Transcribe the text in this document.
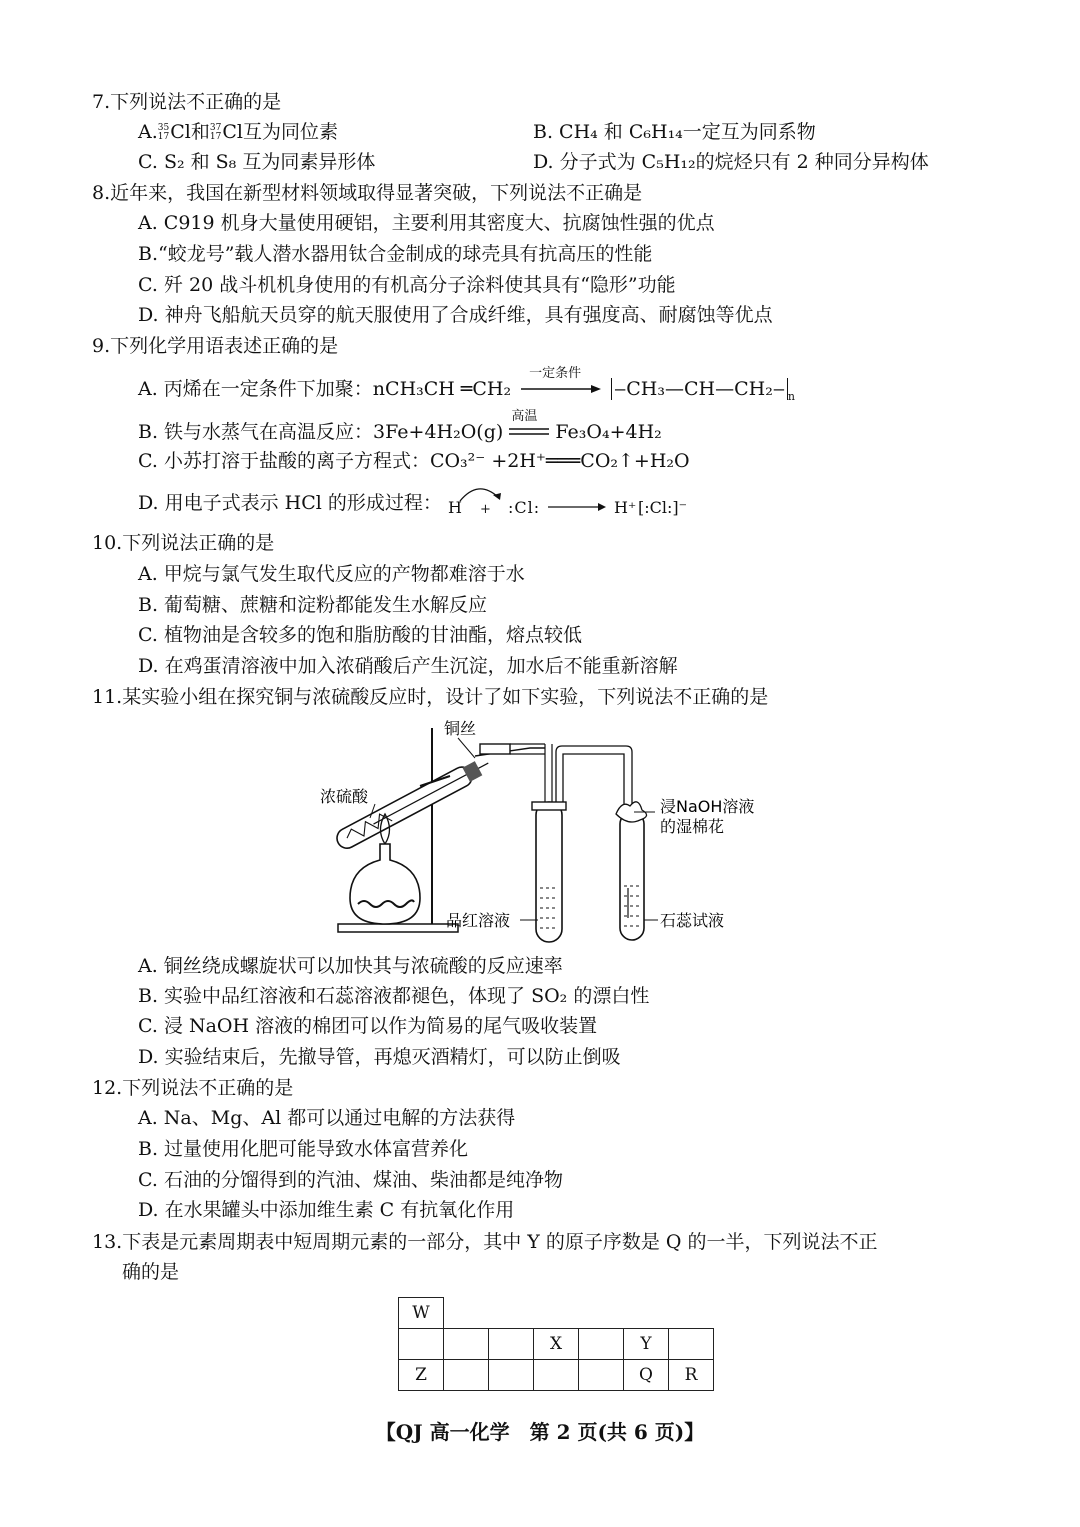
7.下列说法不正确的是
A. 35
17 Cl和 37
17 Cl互为同位素	B. CH₄ 和 C₆H₁₄一定互为同系物
C. S₂ 和 S₈ 互为同素异形体	D. 分子式为 C₅H₁₂的烷烃只有 2 种同分异构体
8.近年来，我国在新型材料领域取得显著突破，下列说法不正确是
A. C919 机身大量使用硬铝，主要利用其密度大、抗腐蚀性强的优点
B.“蛟龙号”载人潜水器用钛合金制成的球壳具有抗高压的性能
C. 歼 20 战斗机机身使用的有机高分子涂料使其具有“隐形”功能
D. 神舟飞船航天员穿的航天服使用了合成纤维，具有强度高、耐腐蚀等优点
9.下列化学用语表述正确的是
A. 丙烯在一定条件下加聚：nCH₃CH ═CH₂
一定条件
‒CH₃—CH—CH₂‒ $_n$
B. 铁与水蒸气在高温反应：3Fe+4H₂O(g)
高温
Fe₃O₄+4H₂
C. 小苏打溶于盐酸的离子方程式：CO₃²⁻ +2H⁺═══CO₂↑+H₂O
D. 用电子式表示 HCl 的形成过程： H + :Cl:	H⁺ [:Cl:]⁻
10.下列说法正确的是
A. 甲烷与氯气发生取代反应的产物都难溶于水
B. 葡萄糖、蔗糖和淀粉都能发生水解反应
C. 植物油是含较多的饱和脂肪酸的甘油酯，熔点较低
D. 在鸡蛋清溶液中加入浓硝酸后产生沉淀，加水后不能重新溶解
11.某实验小组在探究铜与浓硫酸反应时，设计了如下实验，下列说法不正确的是
铜丝
浓硫酸
浸NaOH溶液
的湿棉花
品红溶液	石蕊试液
A. 铜丝绕成螺旋状可以加快其与浓硫酸的反应速率
B. 实验中品红溶液和石蕊溶液都褪色，体现了 SO₂ 的漂白性
C. 浸 NaOH 溶液的棉团可以作为简易的尾气吸收装置
D. 实验结束后，先撤导管，再熄灭酒精灯，可以防止倒吸
12.下列说法不正确的是
A. Na、Mg、Al 都可以通过电解的方法获得
B. 过量使用化肥可能导致水体富营养化
C. 石油的分馏得到的汽油、煤油、柴油都是纯净物
D. 在水果罐头中添加维生素 C 有抗氧化作用
13.下表是元素周期表中短周期元素的一部分，其中 Y 的原子序数是 Q 的一半，下列说法不正
确的是
W						
			X		Y	
Z					Q	R
【QJ 高一化学　第 2 页(共 6 页)】
